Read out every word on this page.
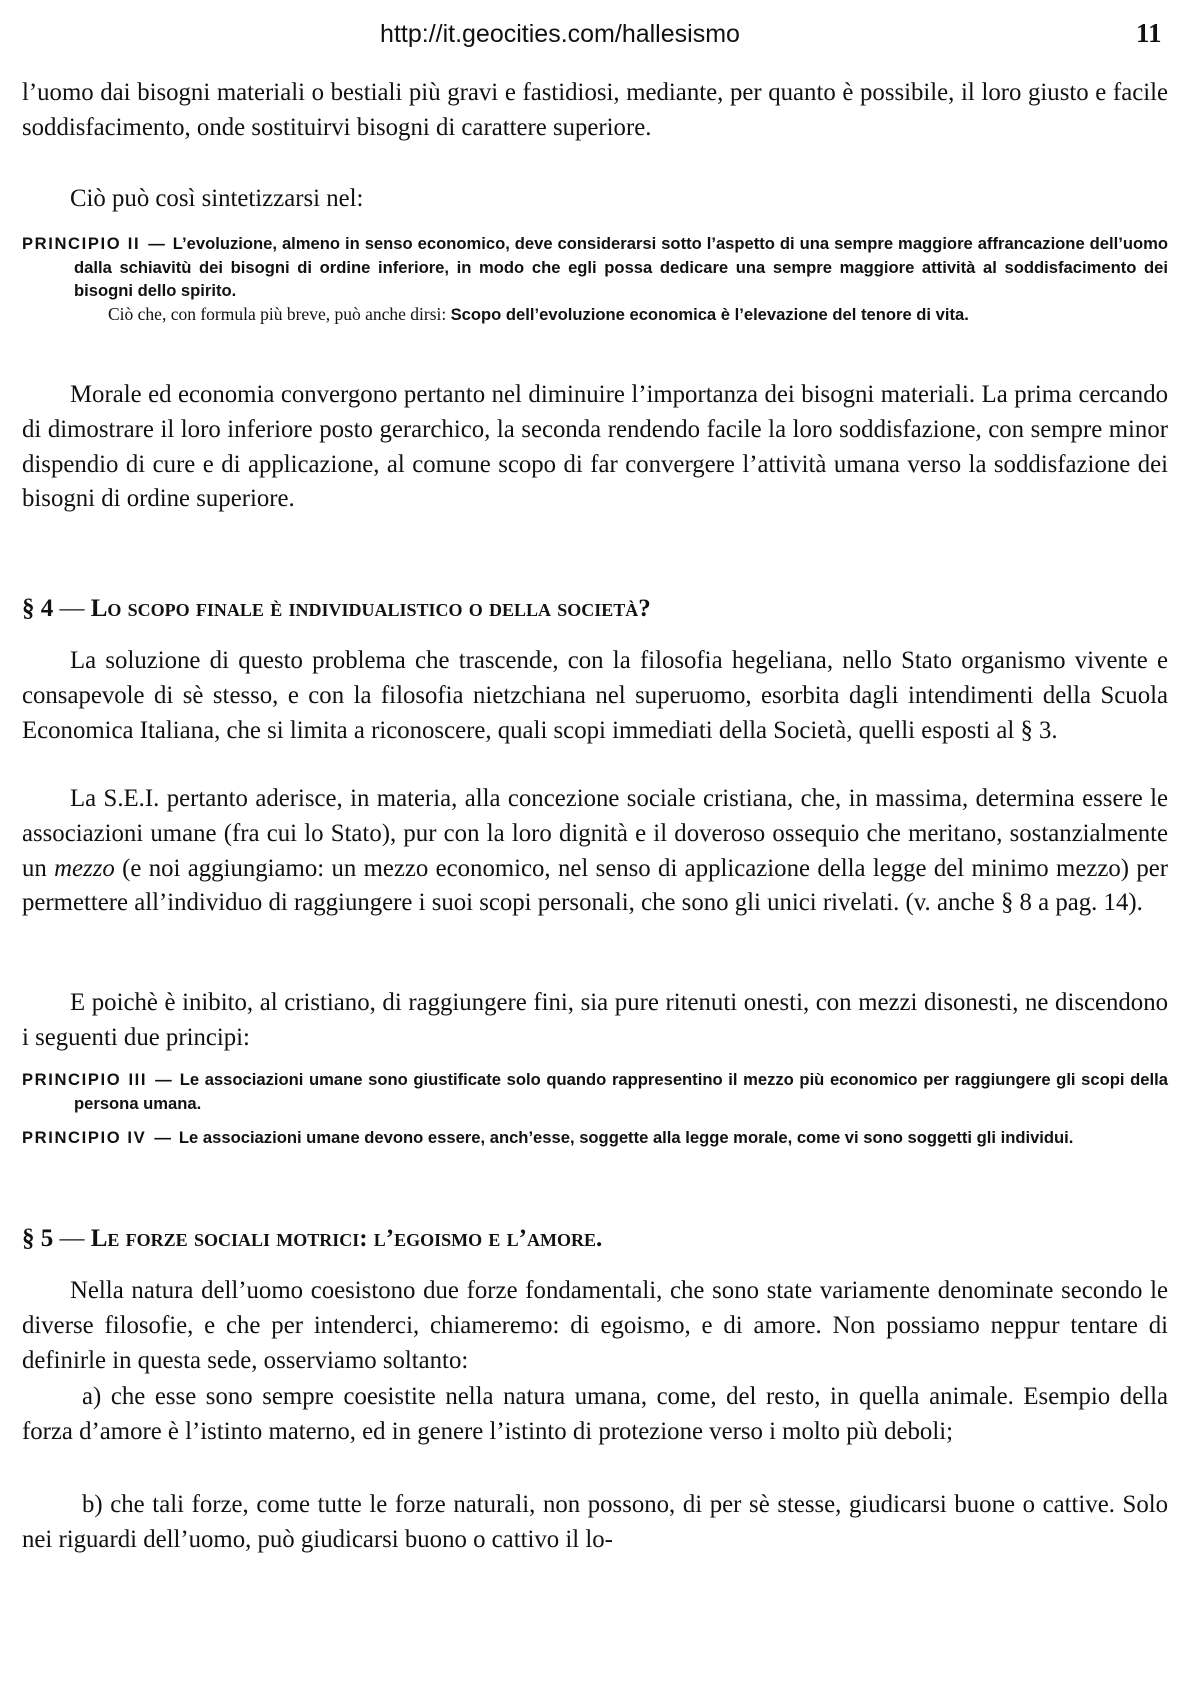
http://it.geocities.com/hallesismo	11

l’uomo dai bisogni materiali o bestiali più gravi e fastidiosi, mediante, per quanto è possibile, il loro giusto e facile soddisfacimento, onde sostituirvi bisogni di carattere superiore.

Ciò può così sintetizzarsi nel:

PRINCIPIO II — L’evoluzione, almeno in senso economico, deve considerarsi sotto l’aspetto di una sempre maggiore affrancazione dell’uomo dalla schiavitù dei bisogni di ordine inferiore, in modo che egli possa dedicare una sempre maggiore attività al soddisfacimento dei bisogni dello spirito.

Ciò che, con formula più breve, può anche dirsi: Scopo dell’evoluzione economica è l’elevazione del tenore di vita.

Morale ed economia convergono pertanto nel diminuire l’importanza dei bisogni materiali. La prima cercando di dimostrare il loro inferiore posto gerarchico, la seconda rendendo facile la loro soddisfazione, con sempre minor dispendio di cure e di applicazione, al comune scopo di far convergere l’attività umana verso la soddisfazione dei bisogni di ordine superiore.

§ 4 — Lo scopo finale è individualistico o della società?

La soluzione di questo problema che trascende, con la filosofia hegeliana, nello Stato organismo vivente e consapevole di sè stesso, e con la filosofia nietzchiana nel superuomo, esorbita dagli intendimenti della Scuola Economica Italiana, che si limita a riconoscere, quali scopi immediati della Società, quelli esposti al § 3.

La S.E.I. pertanto aderisce, in materia, alla concezione sociale cristiana, che, in massima, determina essere le associazioni umane (fra cui lo Stato), pur con la loro dignità e il doveroso ossequio che meritano, sostanzialmente un mezzo (e noi aggiungiamo: un mezzo economico, nel senso di applicazione della legge del minimo mezzo) per permettere all’individuo di raggiungere i suoi scopi personali, che sono gli unici rivelati. (v. anche § 8 a pag. 14).

E poichè è inibito, al cristiano, di raggiungere fini, sia pure ritenuti onesti, con mezzi disonesti, ne discendono i seguenti due principi:

PRINCIPIO III — Le associazioni umane sono giustificate solo quando rappresentino il mezzo più economico per raggiungere gli scopi della persona umana.

PRINCIPIO IV — Le associazioni umane devono essere, anch’esse, soggette alla legge morale, come vi sono soggetti gli individui.

§ 5 — Le forze sociali motrici: l’egoismo e l’amore.

Nella natura dell’uomo coesistono due forze fondamentali, che sono state variamente denominate secondo le diverse filosofie, e che per intenderci, chiameremo: di egoismo, e di amore. Non possiamo neppur tentare di definirle in questa sede, osserviamo soltanto:

a) che esse sono sempre coesistite nella natura umana, come, del resto, in quella animale. Esempio della forza d’amore è l’istinto materno, ed in genere l’istinto di protezione verso i molto più deboli;

b) che tali forze, come tutte le forze naturali, non possono, di per sè stesse, giudicarsi buone o cattive. Solo nei riguardi dell’uomo, può giudicarsi buono o cattivo il lo-
